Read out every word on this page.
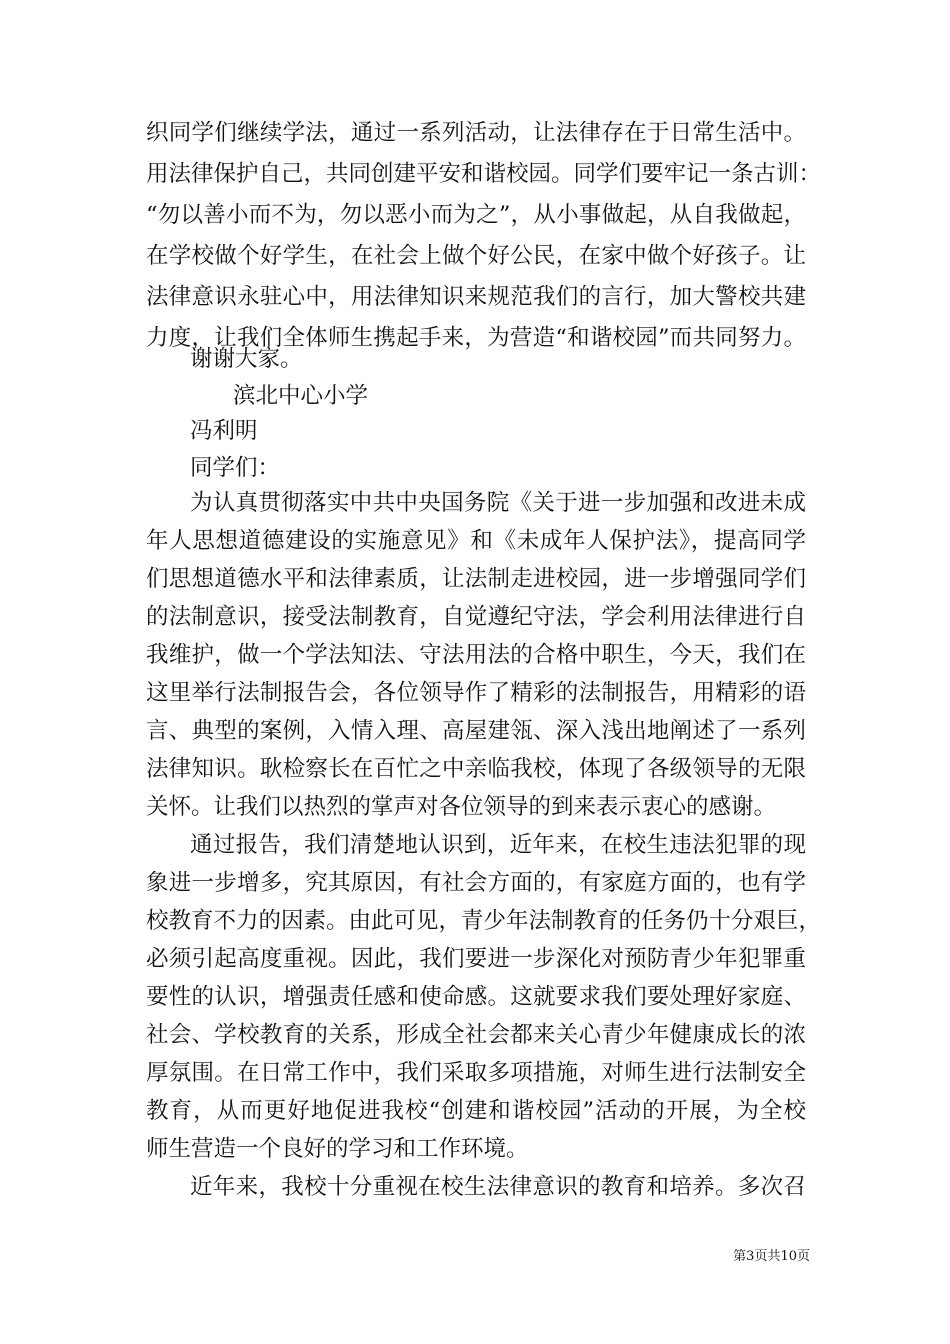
织同学们继续学法，通过一系列活动，让法律存在于日常生活中。
用法律保护自己，共同创建平安和谐校园。同学们要牢记一条古训：
“勿以善小而不为，勿以恶小而为之”，从小事做起，从自我做起，
在学校做个好学生，在社会上做个好公民，在家中做个好孩子。让
法律意识永驻心中，用法律知识来规范我们的言行，加大警校共建
力度，让我们全体师生携起手来，为营造“和谐校园”而共同努力。
谢谢大家。
滨北中心小学
冯利明
同学们：
为认真贯彻落实中共中央国务院《关于进一步加强和改进未成
年人思想道德建设的实施意见》和《未成年人保护法》，提高同学
们思想道德水平和法律素质，让法制走进校园，进一步增强同学们
的法制意识，接受法制教育，自觉遵纪守法，学会利用法律进行自
我维护，做一个学法知法、守法用法的合格中职生，今天，我们在
这里举行法制报告会，各位领导作了精彩的法制报告，用精彩的语
言、典型的案例，入情入理、高屋建瓴、深入浅出地阐述了一系列
法律知识。耿检察长在百忙之中亲临我校，体现了各级领导的无限
关怀。让我们以热烈的掌声对各位领导的到来表示衷心的感谢。
通过报告，我们清楚地认识到，近年来，在校生违法犯罪的现
象进一步增多，究其原因，有社会方面的，有家庭方面的，也有学
校教育不力的因素。由此可见，青少年法制教育的任务仍十分艰巨，
必须引起高度重视。因此，我们要进一步深化对预防青少年犯罪重
要性的认识，增强责任感和使命感。这就要求我们要处理好家庭、
社会、学校教育的关系，形成全社会都来关心青少年健康成长的浓
厚氛围。在日常工作中，我们采取多项措施，对师生进行法制安全
教育，从而更好地促进我校“创建和谐校园”活动的开展，为全校
师生营造一个良好的学习和工作环境。
近年来，我校十分重视在校生法律意识的教育和培养。多次召
第3页共10页
